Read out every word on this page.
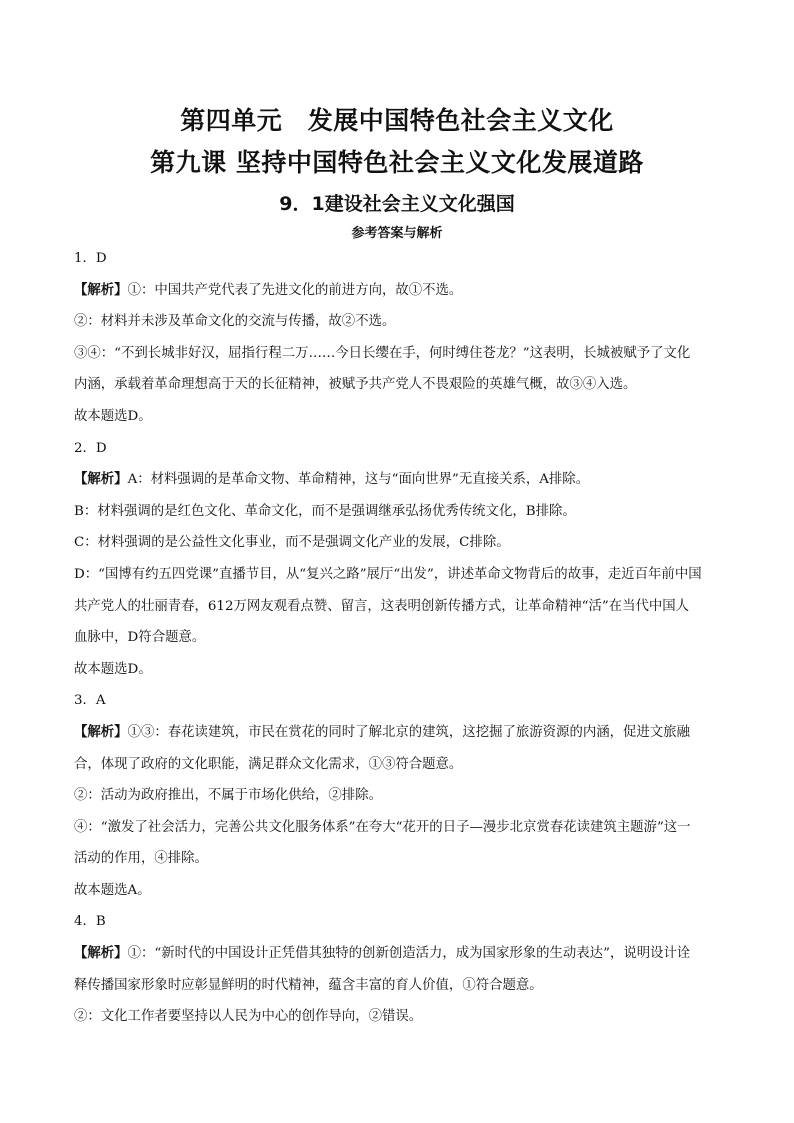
第四单元　发展中国特色社会主义文化
第九课 坚持中国特色社会主义文化发展道路
9．1建设社会主义文化强国
参考答案与解析

1．D

【解析】①：中国共产党代表了先进文化的前进方向，故①不选。

②：材料并未涉及革命文化的交流与传播，故②不选。

③④：“不到长城非好汉，屈指行程二万……今日长缨在手，何时缚住苍龙？”这表明，长城被赋予了文化

内涵，承载着革命理想高于天的长征精神，被赋予共产党人不畏艰险的英雄气概，故③④入选。

故本题选D。

2．D

【解析】A：材料强调的是革命文物、革命精神，这与“面向世界”无直接关系，A排除。

B：材料强调的是红色文化、革命文化，而不是强调继承弘扬优秀传统文化，B排除。

C：材料强调的是公益性文化事业，而不是强调文化产业的发展，C排除。

D：“国博有约五四党课”直播节目，从“复兴之路”展厅“出发”，讲述革命文物背后的故事，走近百年前中国

共产党人的壮丽青春，612万网友观看点赞、留言，这表明创新传播方式，让革命精神“活”在当代中国人

血脉中，D符合题意。

故本题选D。

3．A

【解析】①③：春花读建筑，市民在赏花的同时了解北京的建筑，这挖掘了旅游资源的内涵，促进文旅融

合，体现了政府的文化职能，满足群众文化需求，①③符合题意。

②：活动为政府推出，不属于市场化供给，②排除。

④：“激发了社会活力，完善公共文化服务体系”在夸大“花开的日子—漫步北京赏春花读建筑主题游”这一

活动的作用，④排除。

故本题选A。

4．B

【解析】①：“新时代的中国设计正凭借其独特的创新创造活力，成为国家形象的生动表达”，说明设计诠

释传播国家形象时应彰显鲜明的时代精神，蕴含丰富的育人价值，①符合题意。

②：文化工作者要坚持以人民为中心的创作导向，②错误。
